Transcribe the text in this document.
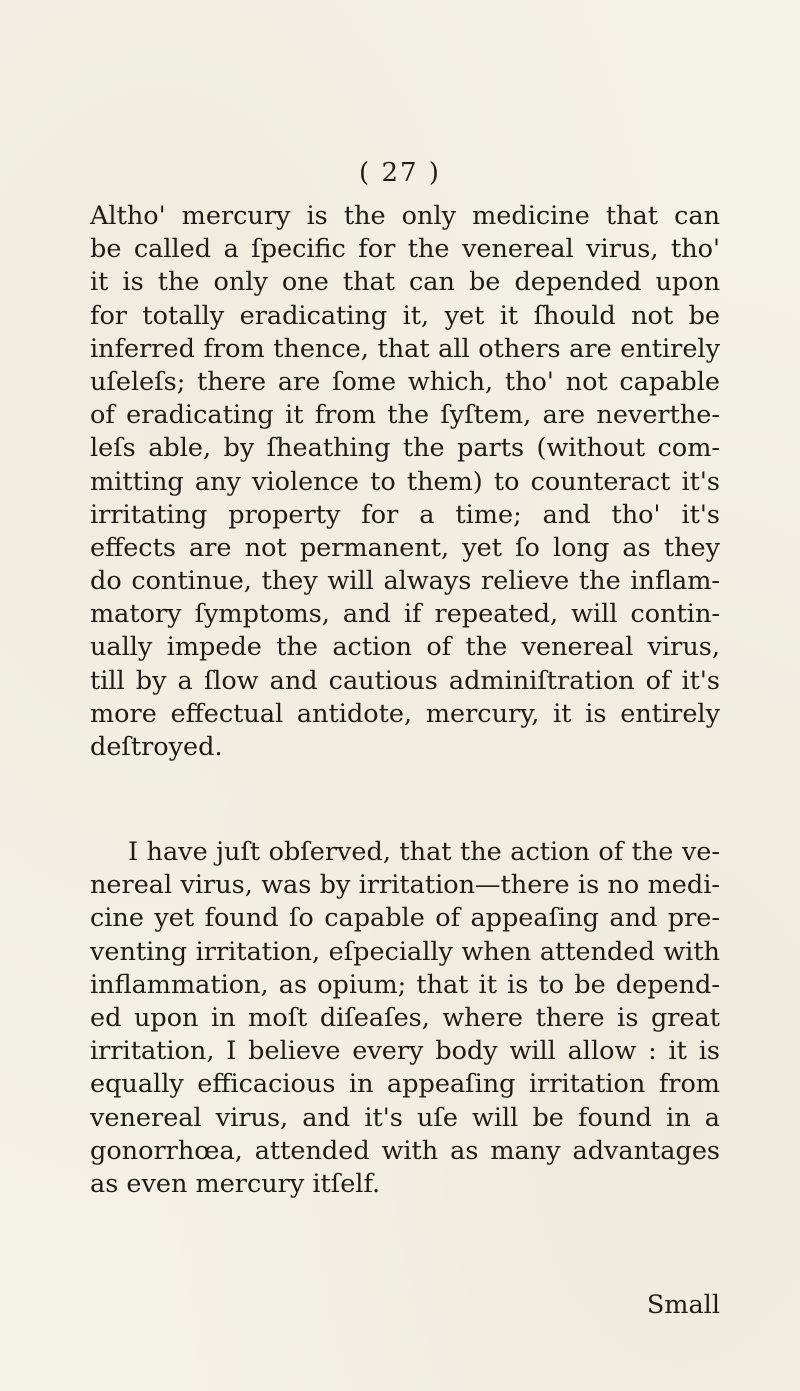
( 27 )
Altho' mercury is the only medicine that can
be called a ſpecific for the venereal virus, tho'
it is the only one that can be depended upon
for totally eradicating it, yet it ſhould not be
inferred from thence, that all others are entirely
uſeleſs; there are ſome which, tho' not capable
of eradicating it from the ſyſtem, are neverthe-
leſs able, by ſheathing the parts (without com-
mitting any violence to them) to counteract it's
irritating property for a time; and tho' it's
effects are not permanent, yet ſo long as they
do continue, they will always relieve the inflam-
matory ſymptoms, and if repeated, will contin-
ually impede the action of the venereal virus,
till by a ſlow and cautious adminiſtration of it's
more effectual antidote, mercury, it is entirely
deſtroyed.
I have juſt obſerved, that the action of the ve-
nereal virus, was by irritation—there is no medi-
cine yet found ſo capable of appeaſing and pre-
venting irritation, eſpecially when attended with
inflammation, as opium; that it is to be depend-
ed upon in moſt diſeaſes, where there is great
irritation, I believe every body will allow : it is
equally efficacious in appeaſing irritation from
venereal virus, and it's uſe will be found in a
gonorrhœa, attended with as many advantages
as even mercury itſelf.
Small
